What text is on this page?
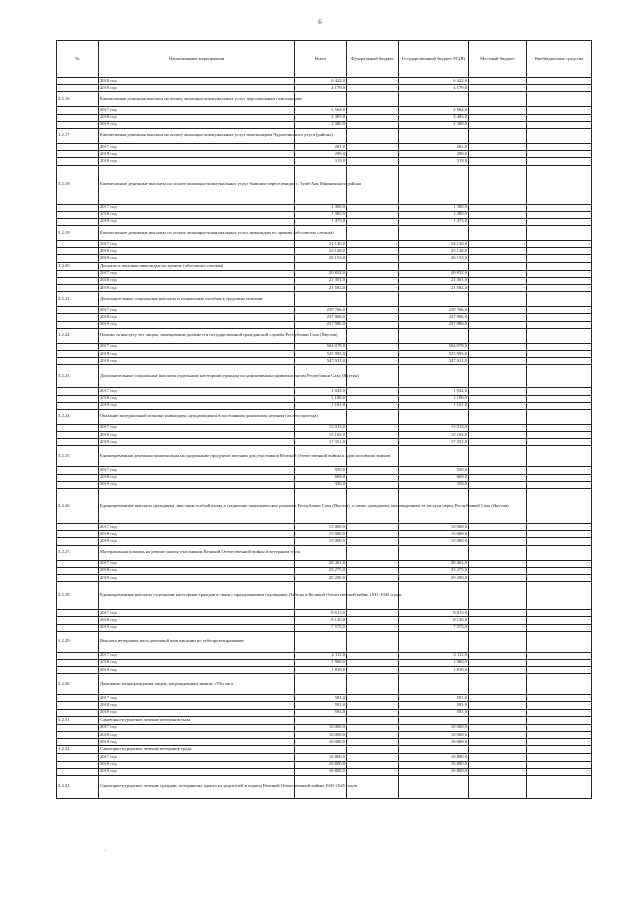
6
№	Наименование мероприятия	Всего	Федеральный бюджет	Государственный бюджет РС(Я)	Местный бюджет	Внебюджетные средства
	2018 год	6 422,0	-	6 422,0	-	-
	2019 год	4 179,0	-	4 179,0	-	-
3.2.16	Ежемесячная денежная выплата на оплату жилищно-коммунальных услуг персональным пенсионерам					
	2017 год	2 564,0	-	2 564,0	-	-
	2018 год	2 483,0	-	2 483,0	-	-
	2019 год	2 380,0	-	2 380,0	-	-
3.2.17	Ежемесячная денежная выплата на оплату жилищно-коммунальных услуг пенсионерам Чурапчинского улуса (района)					
	2017 год	281,0	-	281,0	-	-
	2018 год	299,0	-	299,0	-	-
	2019 год	319,0	-	319,0	-	-
3.2.18	Ежемесячные денежные выплаты по оплате жилищно-коммунальных услуг бывшим переселенцам с. Туой-Хая Мирнинского района					
	2017 год	1 300,0	-	1 300,0	-	-
	2018 год	1 385,0	-	1 385,0	-	-
	2019 год	1 475,0	-	1 475,0	-	-
3.2.19	Ежемесячные денежные выплаты по оплате жилищно-коммунальных услуг инвалидам по зрению (абсолютно слепым)					
	2017 год	24 130,0	-	24 130,0	-	-
	2018 год	25 128,0	-	25 128,0	-	-
	2019 год	26 153,0	-	26 153,0	-	-
3.2.20	Доплаты к пенсиям инвалидам по зрению (абсолютно слепым)					
	2017 год	20 832,0	-	20 832,0	-	-
	2018 год	21 301,0	-	21 301,0	-	-
	2019 год	21 582,0	-	21 582,0	-	-
3.2.21.	Дополнительные социальные выплаты и социальные пособия к трудовым пенсиям					
	2017 год	239 766,0	-	239 766,0	-	-
	2018 год	237 906,0	-	237 906,0	-	-
	2019 год	237 986,0	-	237 986,0	-	-
3.2.22	Пенсии за выслугу лет лицам, замещавшим должности государственной гражданской службы Республики Саха (Якутия)					
	2017 год	504 078,0	-	504 078,0	-	-
	2018 год	525 995,0	-	525 995,0	-	-
	2019 год	547 911,0	-	547 911,0	-	-
3.2.23	Дополнительные социальные выплаты отдельным категориям граждан по нормативным правовым актам Республики Саха (Якутия)					
	2017 год	1 042,0	-	1 042,0	-	-
	2018 год	1 106,0	-	1 106,0	-	-
	2019 год	1 161,0	-	1 161,0	-	-
3.2.24	Оказание материальной помощи инвалидам, нуждающимся в постоянном диализном лечении (оплата проезда)					
	2017 год	13 013,0	-	13 013,0	-	-
	2018 год	15 182,0	-	15 182,0	-	-
	2019 год	17 351,0	-	17 351,0	-	-
3.2.25	Единовременная денежная компенсация на удорожание продуктов питания для участников Великой Отечественной войны и вдов погибших воинов					
	2017 год	950,0	-	950,0	-	-
	2018 год	669,0	-	669,0	-	-
	2019 год	350,0	-	350,0	-	-
3.2.26	Единовременные выплаты гражданам, внесшим особый вклад в социально-экономическое развитие Республики Саха (Якутия), а также гражданам, награжденным за заслуги перед Республикой Саха (Якутия)					
	2017 год	15 000,0	-	15 000,0	-	-
	2018 год	15 000,0	-	15 000,0	-	-
	2019 год	15 000,0	-	15 000,0	-	-
3.2.27.	Материальная помощь на ремонт жилья участникам Великой Отечественной войны и ветеранам тыла					
	2017 год	28 461,8	-	28 461,8	-	-
	2018 год	23 275,0	-	23 275,0	-	-
	2019 год	20 200,0	-	20 200,0	-	-
3.2.28	Единовременные выплаты отдельным категориям граждан в связи с празднованием годовщины Победы в Великой Отечественной войне 1941-1945 годов					
	2017 год	8 615,0	-	8 615,0	-	-
	2018 год	8 120,0	-	8 120,0	-	-
	2019 год	7 575,0	-	7 575,0	-	-
3.2.29	Выплата ветеранам тыла денежной компенсации по зубопротезированию					
	2017 год	2 111,0	-	2 111,0	-	-
	2018 год	1 960,0	-	1 960,0	-	-
	2019 год	1 810,0	-	1 810,0	-	-
3.2.30	Денежные вознаграждения лицам, награжденным знаком «УБз хасх					
	2017 год	581,0	-	581,0	-	-
	2018 год	581,0	-	581,0	-	-
	2019 год	581,0	-	581,0	-	-
3.2.31	Санаторно-курортное лечение ветеранов тыла					
	2017 год	10 000,0	-	10 000,0	-	-
	2018 год	10 000,0	-	10 000,0	-	-
	2019 год	10 000,0	-	10 000,0	-	-
3.2.32	Санаторно-курортное лечение ветеранов труда					
	2017 год	16 800,0	-	16 800,0	-	-
	2018 год	16 800,0	-	16 800,0	-	-
	2019 год	16 800,0	-	16 800,0	-	-
3.2.33	Санаторно-курортное лечение граждан, потерявших одного из родителей в период Великой Отечественной войны 1941-1945 годов					
·
